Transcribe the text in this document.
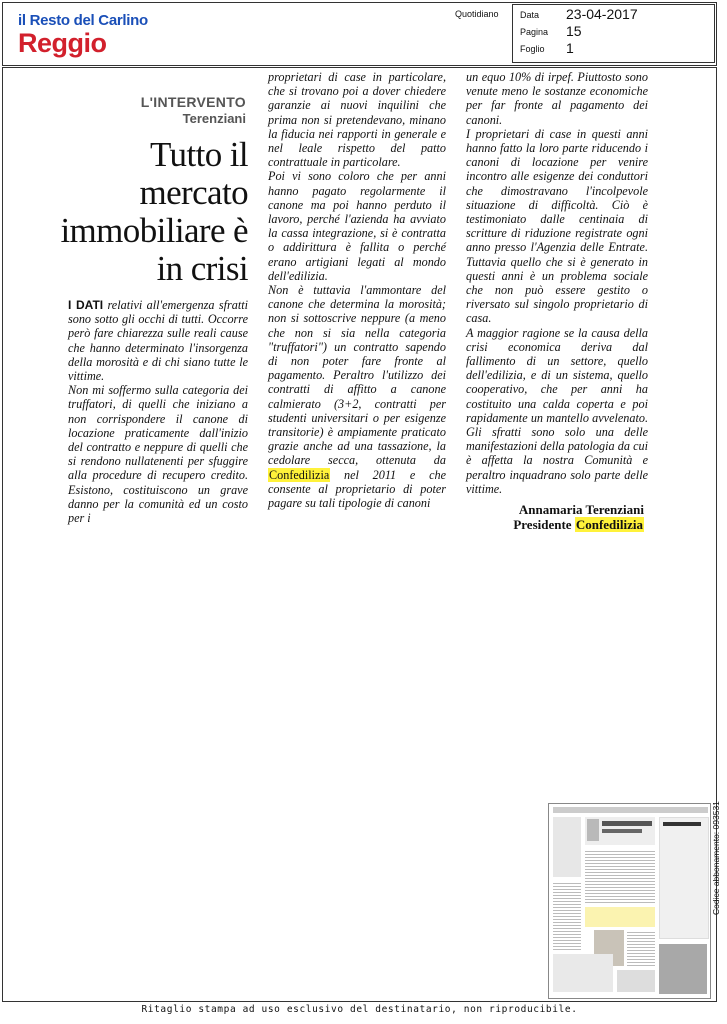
il Resto del Carlino
Reggio
Quotidiano Data 23-04-2017
Pagina 15
Foglio 1
L'INTERVENTO
Terenziani
Tutto il mercato immobiliare è in crisi

I DATI relativi all'emergenza sfratti sono sotto gli occhi di tutti. Occorre però fare chiarezza sulle reali cause che hanno determinato l'insorgenza della morosità e di chi siano tutte le vittime.

Non mi soffermo sulla categoria dei truffatori, di quelli che iniziano a non corrispondere il canone di locazione praticamente dall'inizio del contratto e neppure di quelli che si rendono nullatenenti per sfuggire alla procedure di recupero credito. Esistono, costituiscono un grave danno per la comunità ed un costo per i

proprietari di case in particolare, che si trovano poi a dover chiedere garanzie ai nuovi inquilini che prima non si pretendevano, minano la fiducia nei rapporti in generale e nel leale rispetto del patto contrattuale in particolare.

Poi vi sono coloro che per anni hanno pagato regolarmente il canone ma poi hanno perduto il lavoro, perché l'azienda ha avviato la cassa integrazione, si è contratta o addirittura è fallita o perché erano artigiani legati al mondo dell'edilizia.

Non è tuttavia l'ammontare del canone che determina la morosità; non si sottoscrive neppure (a meno che non si sia nella categoria "truffatori") un contratto sapendo di non poter fare fronte al pagamento. Peraltro l'utilizzo dei contratti di affitto a canone calmierato (3+2, contratti per studenti universitari o per esigenze transitorie) è ampiamente praticato grazie anche ad una tassazione, la cedolare secca, ottenuta da Confedilizia nel 2011 e che consente al proprietario di poter pagare su tali tipologie di canoni

un equo 10% di irpef. Piuttosto sono venute meno le sostanze economiche per far fronte al pagamento dei canoni.

I proprietari di case in questi anni hanno fatto la loro parte riducendo i canoni di locazione per venire incontro alle esigenze dei conduttori che dimostravano l'incolpevole situazione di difficoltà. Ciò è testimoniato dalle centinaia di scritture di riduzione registrate ogni anno presso l'Agenzia delle Entrate. Tuttavia quello che si è generato in questi anni è un problema sociale che non può essere gestito o riversato sul singolo proprietario di casa.

A maggior ragione se la causa della crisi economica deriva dal fallimento di un settore, quello dell'edilizia, e di un sistema, quello cooperativo, che per anni ha costituito una calda coperta e poi rapidamente un mantello avvelenato. Gli sfratti sono solo una delle manifestazioni della patologia da cui è affetta la nostra Comunità e peraltro inquadrano solo parte delle vittime.

Annamaria Terenziani
Presidente Confedilizia
Codice abbonamento: 093531
Ritaglio stampa ad uso esclusivo del destinatario, non riproducibile.
